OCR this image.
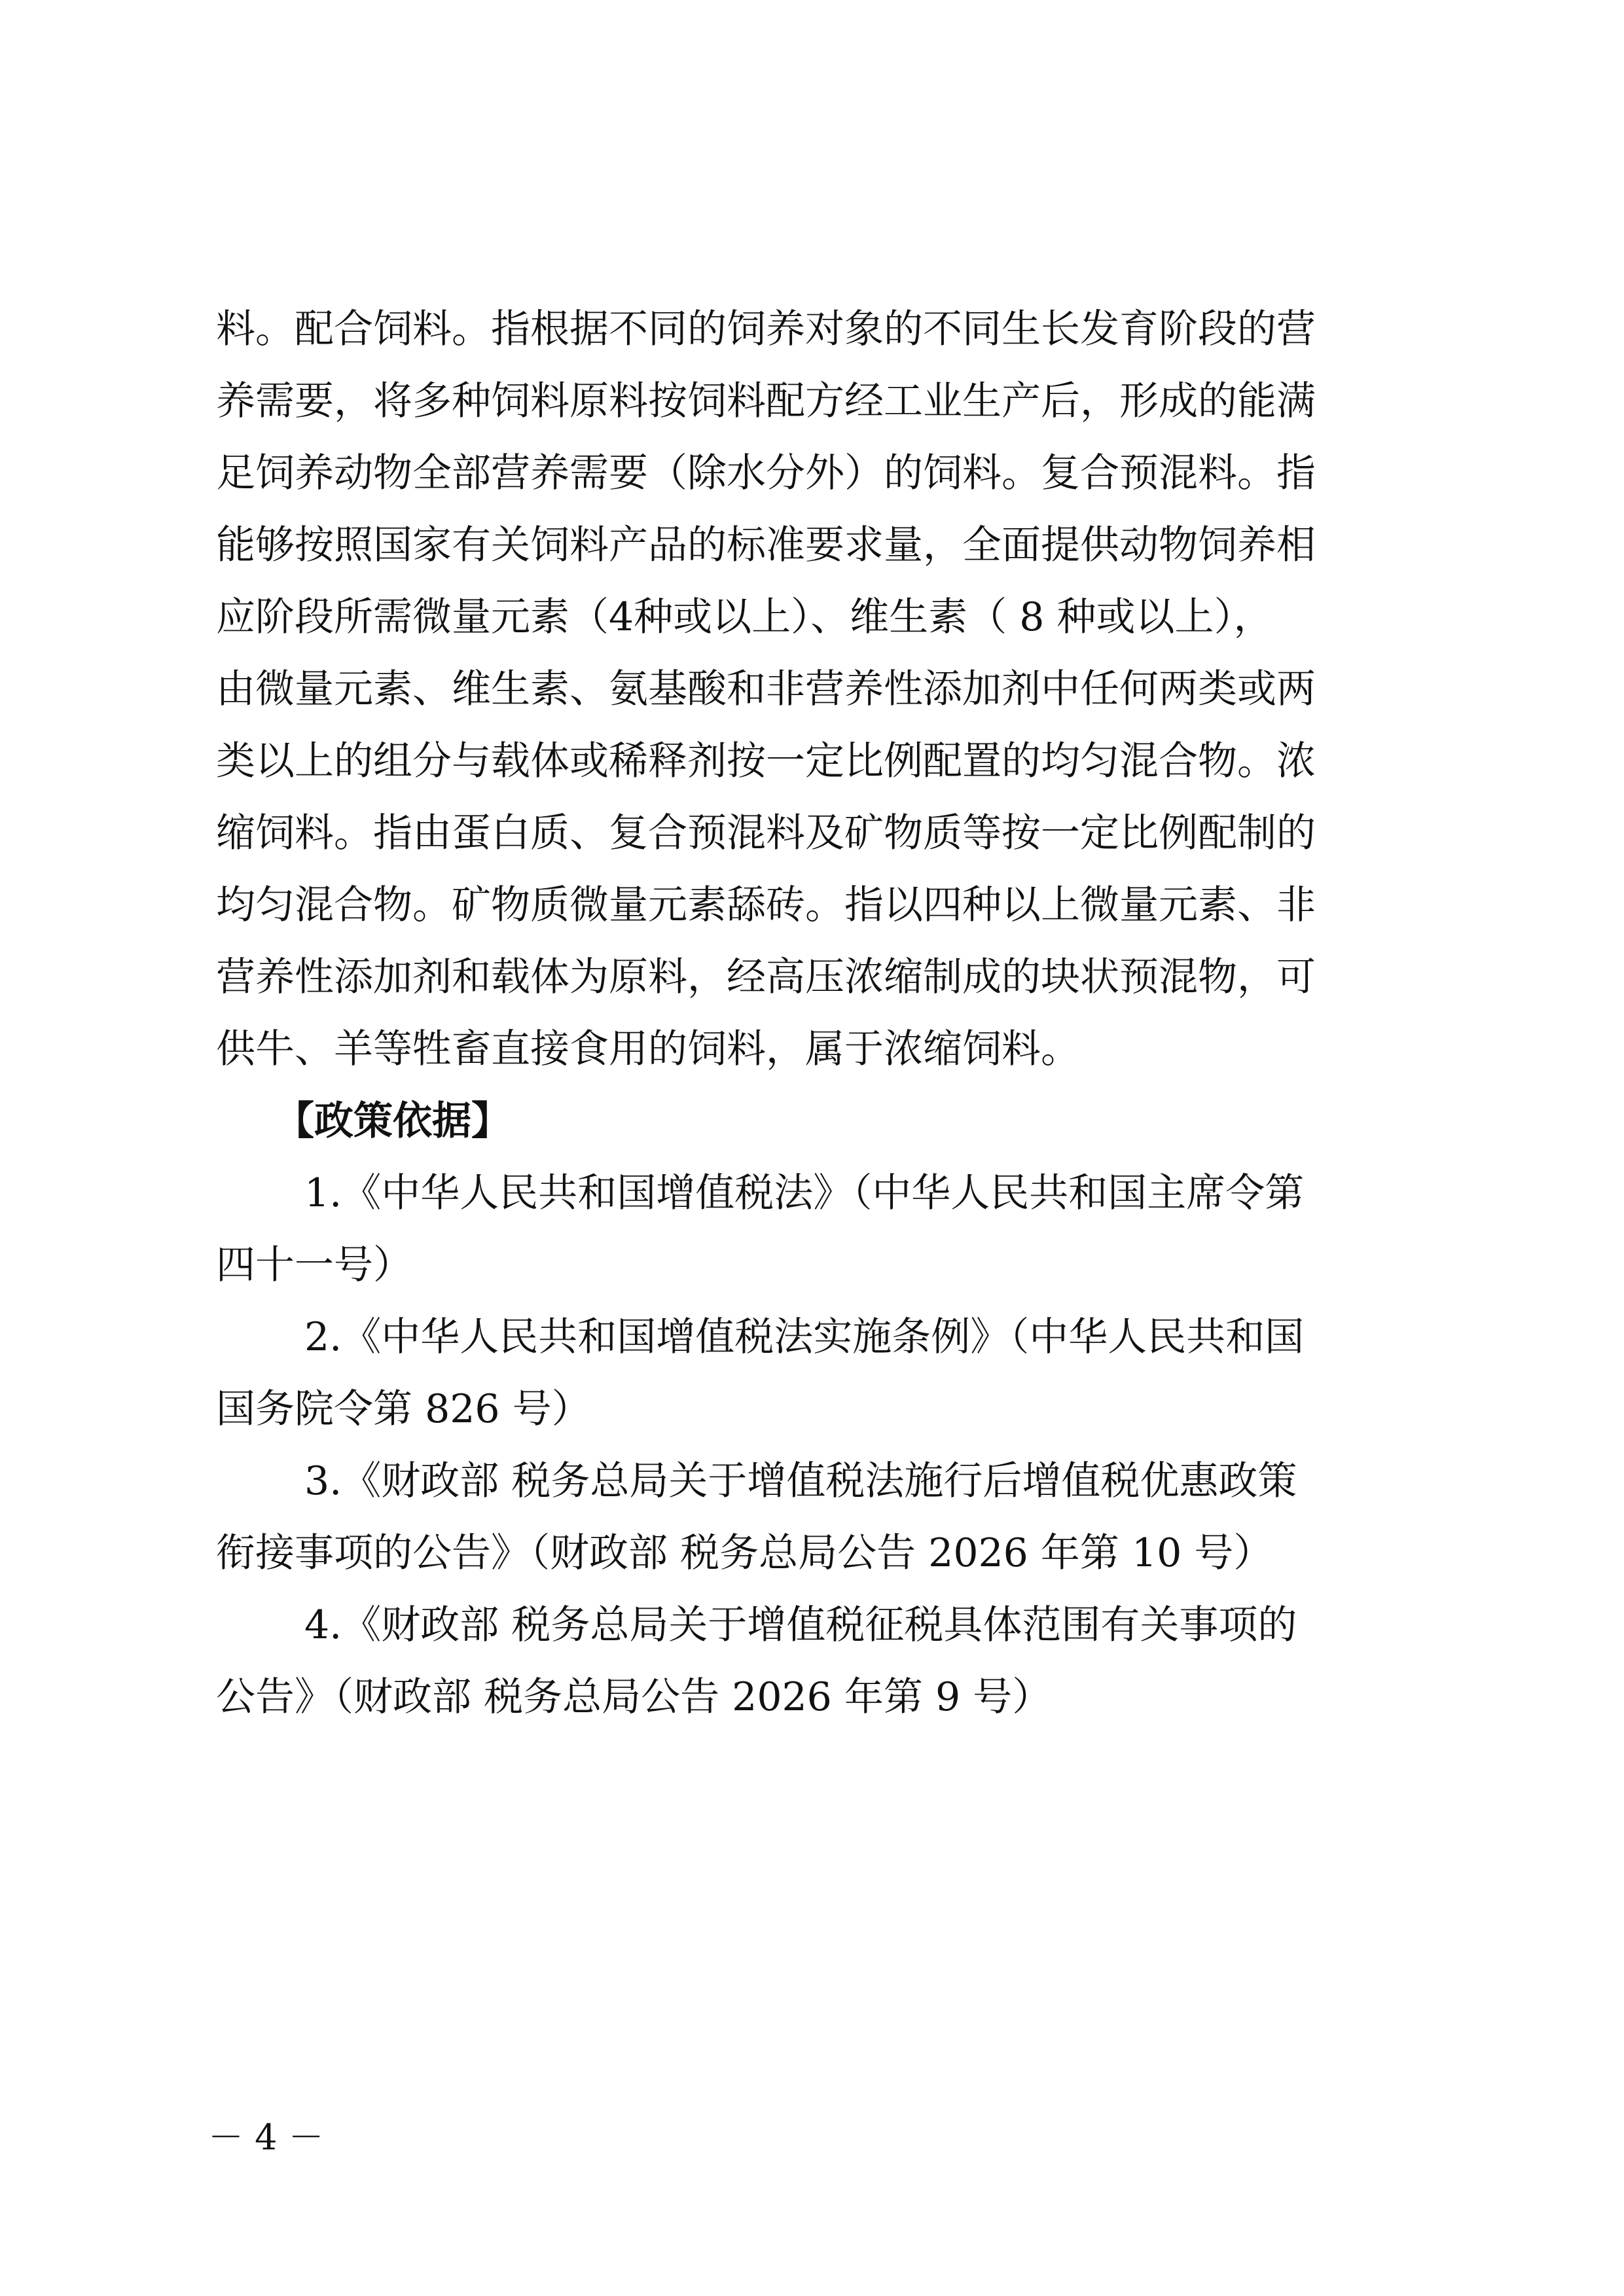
料。配合饲料。指根据不同的饲养对象的不同生长发育阶段的营
养需要，将多种饲料原料按饲料配方经工业生产后，形成的能满
足饲养动物全部营养需要（除水分外）的饲料。复合预混料。指
能够按照国家有关饲料产品的标准要求量，全面提供动物饲养相
应阶段所需微量元素（4种或以上）、维生素（ 8 种或以上），
由微量元素、维生素、氨基酸和非营养性添加剂中任何两类或两
类以上的组分与载体或稀释剂按一定比例配置的均匀混合物。浓
缩饲料。指由蛋白质、复合预混料及矿物质等按一定比例配制的
均匀混合物。矿物质微量元素舔砖。指以四种以上微量元素、非
营养性添加剂和载体为原料，经高压浓缩制成的块状预混物，可
供牛、羊等牲畜直接食用的饲料，属于浓缩饲料。
【政策依据】
1.《中华人民共和国增值税法》（中华人民共和国主席令第
四十一号）
2.《中华人民共和国增值税法实施条例》（中华人民共和国
国务院令第 826 号）
3.《财政部 税务总局关于增值税法施行后增值税优惠政策
衔接事项的公告》（财政部 税务总局公告 2026 年第 10 号）
4.《财政部 税务总局关于增值税征税具体范围有关事项的
公告》（财政部 税务总局公告 2026 年第 9 号）
－ 4 －
